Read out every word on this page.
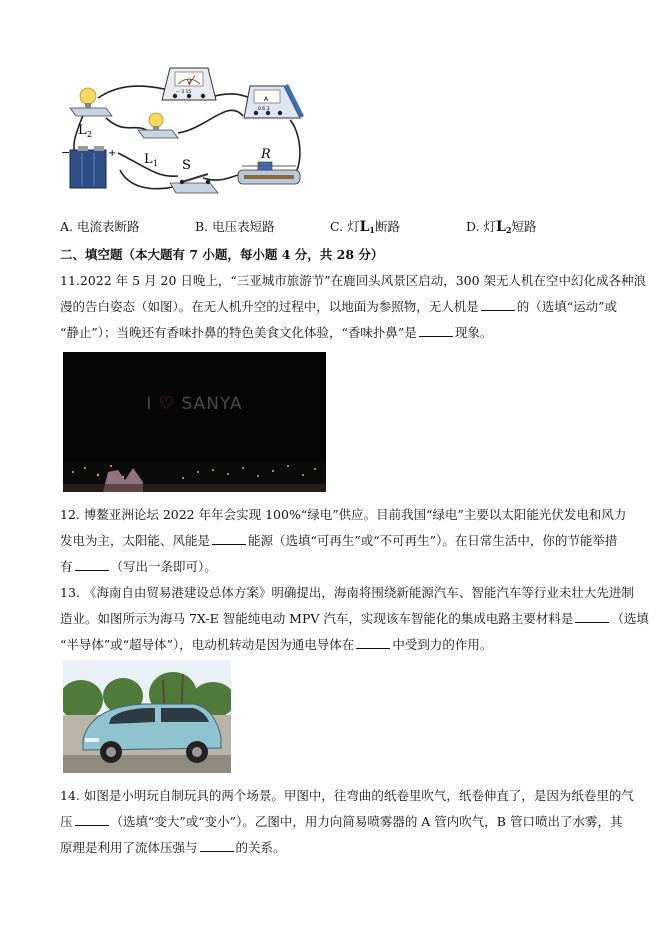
V
− 3 15
A
0.6 3
L 2
L 1
−	+
S
R
A. 电流表断路	B. 电压表短路	C. 灯$L_1$断路	D. 灯$L_2$短路
二、填空题（本大题有 7 小题，每小题 4 分，共 28 分）
11.2022 年 5 月 20 日晚上，“三亚城市旅游节”在鹿回头风景区启动，300 架无人机在空中幻化成各种浪
漫的告白姿态（如图）。在无人机升空的过程中，以地面为参照物，无人机是	的（选填“运动”或
“静止”）；当晚还有香味扑鼻的特色美食文化体验，“香味扑鼻”是	现象。
I ♡ SANYA
12. 博鳌亚洲论坛 2022 年年会实现 100%“绿电”供应。目前我国“绿电”主要以太阳能光伏发电和风力
发电为主，太阳能、风能是	能源（选填“可再生”或“不可再生”）。在日常生活中，你的节能举措
有	（写出一条即可）。
13. 《海南自由贸易港建设总体方案》明确提出，海南将围绕新能源汽车、智能汽车等行业未壮大先进制
造业。如图所示为海马 7X-E 智能纯电动 MPV 汽车，实现该车智能化的集成电路主要材料是	（选填
“半导体”或“超导体”），电动机转动是因为通电导体在	中受到力的作用。
14. 如图是小明玩自制玩具的两个场景。甲图中，往弯曲的纸卷里吹气，纸卷伸直了，是因为纸卷里的气
压	（选填“变大”或“变小”）。乙图中，用力向简易喷雾器的 A 管内吹气，B 管口喷出了水雾，其
原理是利用了流体压强与	的关系。
